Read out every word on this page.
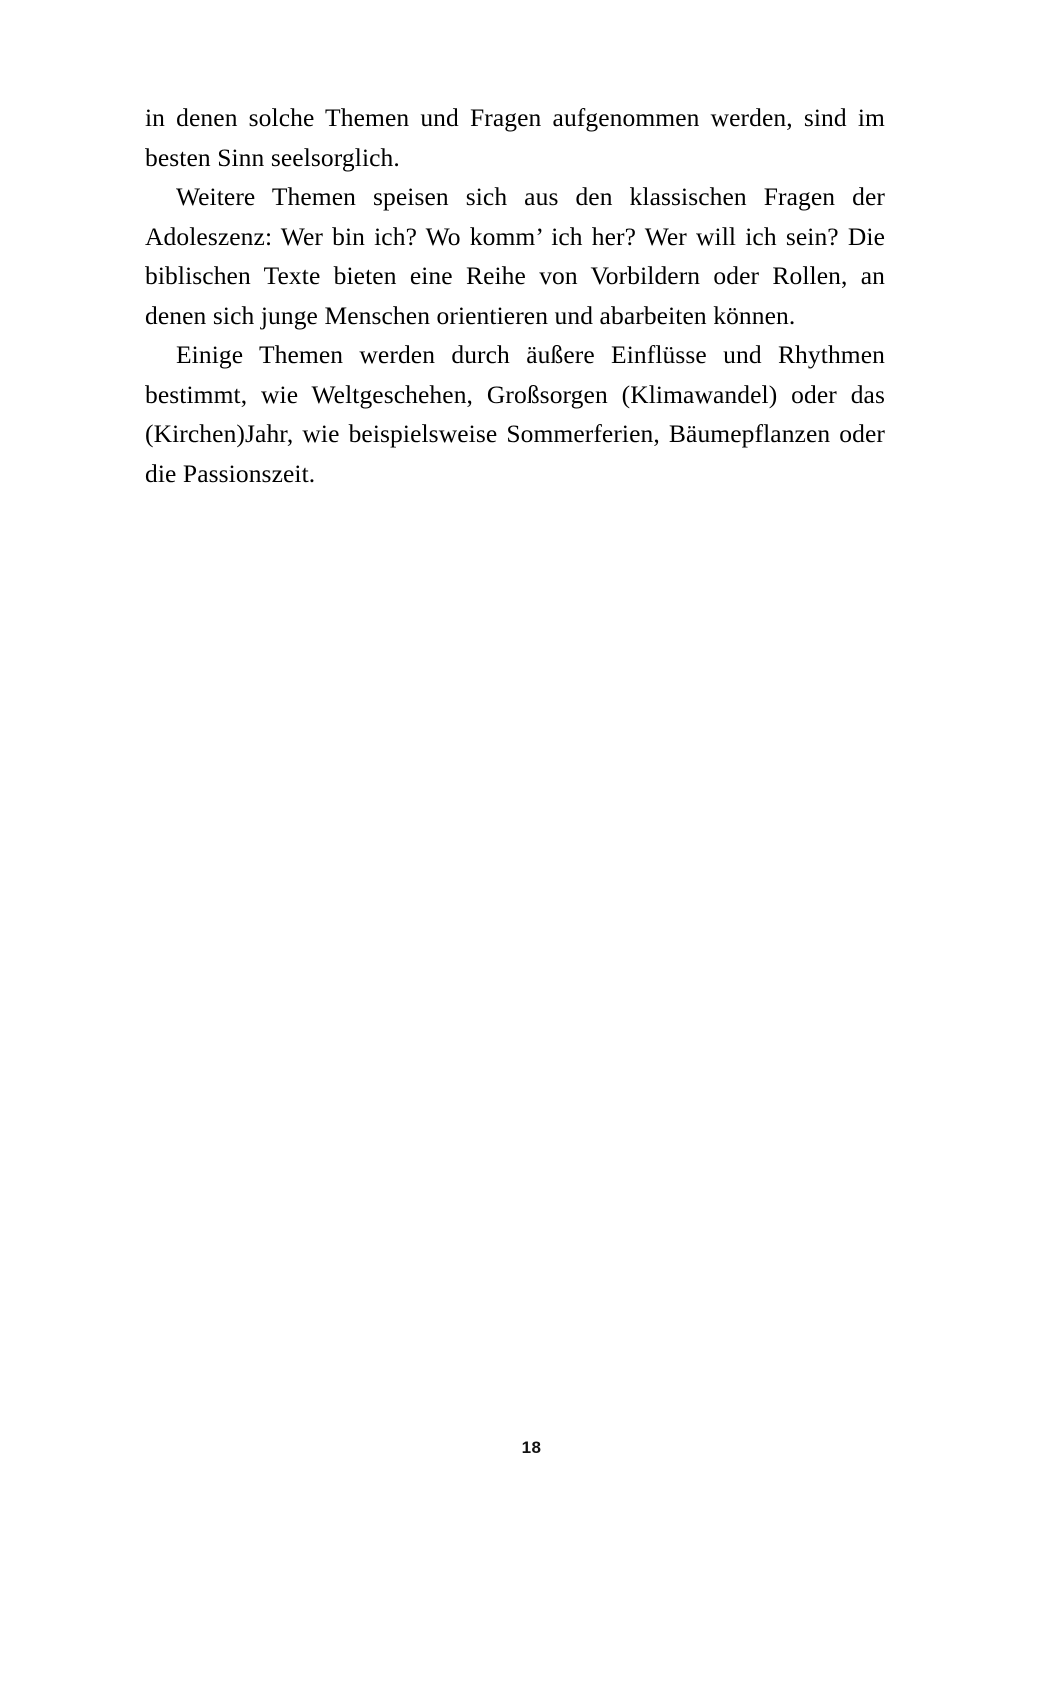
in denen solche Themen und Fragen aufgenommen werden, sind im besten Sinn seelsorglich.

Weitere Themen speisen sich aus den klassischen Fragen der Adoleszenz: Wer bin ich? Wo komm’ ich her? Wer will ich sein? Die biblischen Texte bieten eine Reihe von Vorbildern oder Rollen, an denen sich junge Menschen orientieren und abarbeiten können.

Einige Themen werden durch äußere Einflüsse und Rhythmen bestimmt, wie Weltgeschehen, Großsorgen (Klimawandel) oder das (Kirchen)Jahr, wie beispielsweise Sommerferien, Bäumepflanzen oder die Passionszeit.

18
